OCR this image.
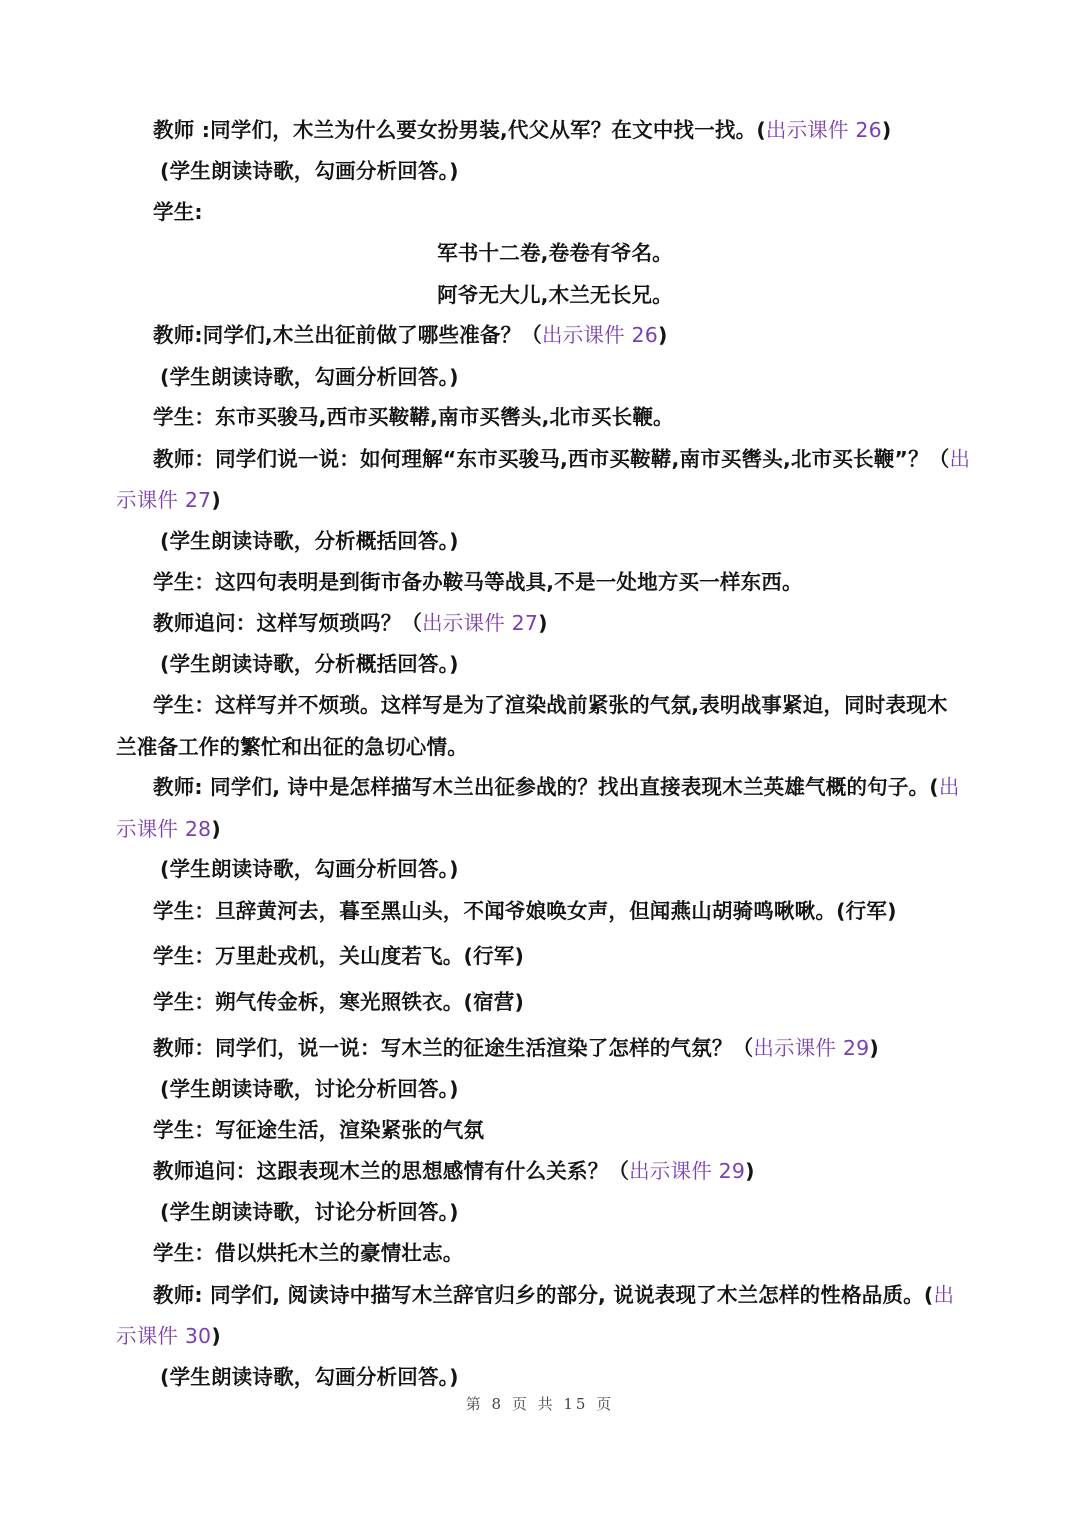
教师 :同学们，木兰为什么要女扮男装,代父从军？在文中找一找。(出示课件 26)
(学生朗读诗歌，勾画分析回答。)
学生:
军书十二卷,卷卷有爷名。
阿爷无大儿,木兰无长兄。
教师:同学们,木兰出征前做了哪些准备？（出示课件 26)
(学生朗读诗歌，勾画分析回答。)
学生：东市买骏马,西市买鞍鞯,南市买辔头,北市买长鞭。
教师：同学们说一说：如何理解“东市买骏马,西市买鞍鞯,南市买辔头,北市买长鞭”？（出
示课件 27)
(学生朗读诗歌，分析概括回答。)
学生：这四句表明是到街市备办鞍马等战具,不是一处地方买一样东西。
教师追问：这样写烦琐吗？（出示课件 27)
(学生朗读诗歌，分析概括回答。)
学生：这样写并不烦琐。这样写是为了渲染战前紧张的气氛,表明战事紧迫，同时表现木
兰准备工作的繁忙和出征的急切心情。
教师: 同学们, 诗中是怎样描写木兰出征参战的？找出直接表现木兰英雄气概的句子。(出
示课件 28)
(学生朗读诗歌，勾画分析回答。)
学生：旦辞黄河去，暮至黑山头，不闻爷娘唤女声，但闻燕山胡骑鸣啾啾。(行军)
学生：万里赴戎机，关山度若飞。(行军)
学生：朔气传金柝，寒光照铁衣。(宿营)
教师：同学们，说一说：写木兰的征途生活渲染了怎样的气氛？（出示课件 29)
(学生朗读诗歌，讨论分析回答。)
学生：写征途生活，渲染紧张的气氛
教师追问：这跟表现木兰的思想感情有什么关系？（出示课件 29)
(学生朗读诗歌，讨论分析回答。)
学生：借以烘托木兰的豪情壮志。
教师: 同学们, 阅读诗中描写木兰辞官归乡的部分, 说说表现了木兰怎样的性格品质。(出
示课件 30)
(学生朗读诗歌，勾画分析回答。)
第 8 页 共 15 页
